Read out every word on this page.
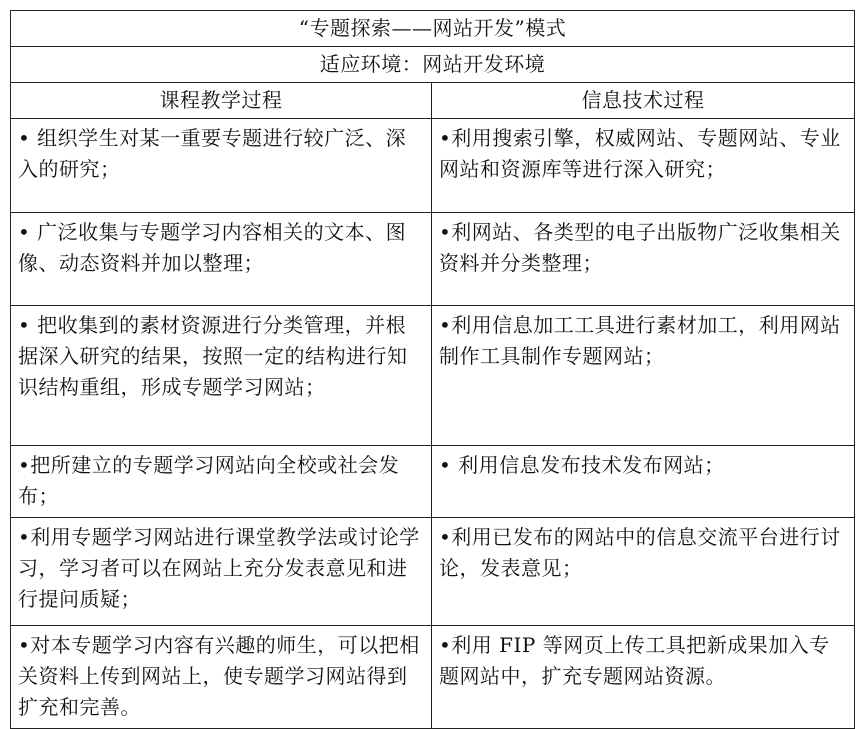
“专题探索——网站开发”模式	
适应环境：网站开发环境	
课程教学过程	信息技术过程
• 组织学生对某一重要专题进行较广泛、深入的研究；	•利用搜索引擎，权威网站、专题网站、专业网站和资源库等进行深入研究；
• 广泛收集与专题学习内容相关的文本、图像、动态资料并加以整理；	•利网站、各类型的电子出版物广泛收集相关资料并分类整理；
• 把收集到的素材资源进行分类管理，并根据深入研究的结果，按照一定的结构进行知识结构重组，形成专题学习网站；	•利用信息加工工具进行素材加工，利用网站制作工具制作专题网站；
•把所建立的专题学习网站向全校或社会发布；	• 利用信息发布技术发布网站；
•利用专题学习网站进行课堂教学法或讨论学习，学习者可以在网站上充分发表意见和进行提问质疑；	•利用已发布的网站中的信息交流平台进行讨论，发表意见；
•对本专题学习内容有兴趣的师生，可以把相关资料上传到网站上，使专题学习网站得到扩充和完善。	•利用 FIP 等网页上传工具把新成果加入专题网站中，扩充专题网站资源。
